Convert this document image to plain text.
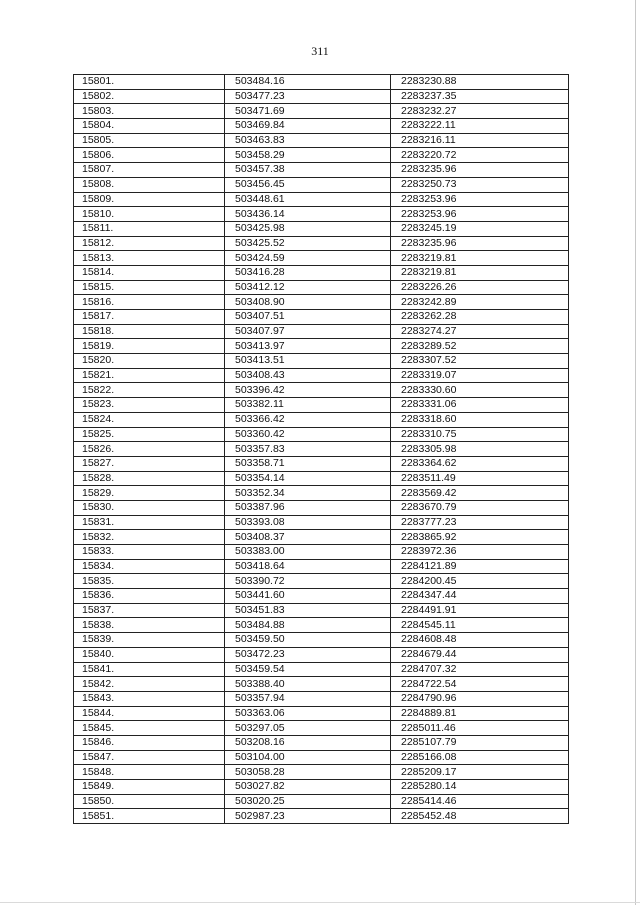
311
15801.	503484.16	2283230.88
15802.	503477.23	2283237.35
15803.	503471.69	2283232.27
15804.	503469.84	2283222.11
15805.	503463.83	2283216.11
15806.	503458.29	2283220.72
15807.	503457.38	2283235.96
15808.	503456.45	2283250.73
15809.	503448.61	2283253.96
15810.	503436.14	2283253.96
15811.	503425.98	2283245.19
15812.	503425.52	2283235.96
15813.	503424.59	2283219.81
15814.	503416.28	2283219.81
15815.	503412.12	2283226.26
15816.	503408.90	2283242.89
15817.	503407.51	2283262.28
15818.	503407.97	2283274.27
15819.	503413.97	2283289.52
15820.	503413.51	2283307.52
15821.	503408.43	2283319.07
15822.	503396.42	2283330.60
15823.	503382.11	2283331.06
15824.	503366.42	2283318.60
15825.	503360.42	2283310.75
15826.	503357.83	2283305.98
15827.	503358.71	2283364.62
15828.	503354.14	2283511.49
15829.	503352.34	2283569.42
15830.	503387.96	2283670.79
15831.	503393.08	2283777.23
15832.	503408.37	2283865.92
15833.	503383.00	2283972.36
15834.	503418.64	2284121.89
15835.	503390.72	2284200.45
15836.	503441.60	2284347.44
15837.	503451.83	2284491.91
15838.	503484.88	2284545.11
15839.	503459.50	2284608.48
15840.	503472.23	2284679.44
15841.	503459.54	2284707.32
15842.	503388.40	2284722.54
15843.	503357.94	2284790.96
15844.	503363.06	2284889.81
15845.	503297.05	2285011.46
15846.	503208.16	2285107.79
15847.	503104.00	2285166.08
15848.	503058.28	2285209.17
15849.	503027.82	2285280.14
15850.	503020.25	2285414.46
15851.	502987.23	2285452.48
